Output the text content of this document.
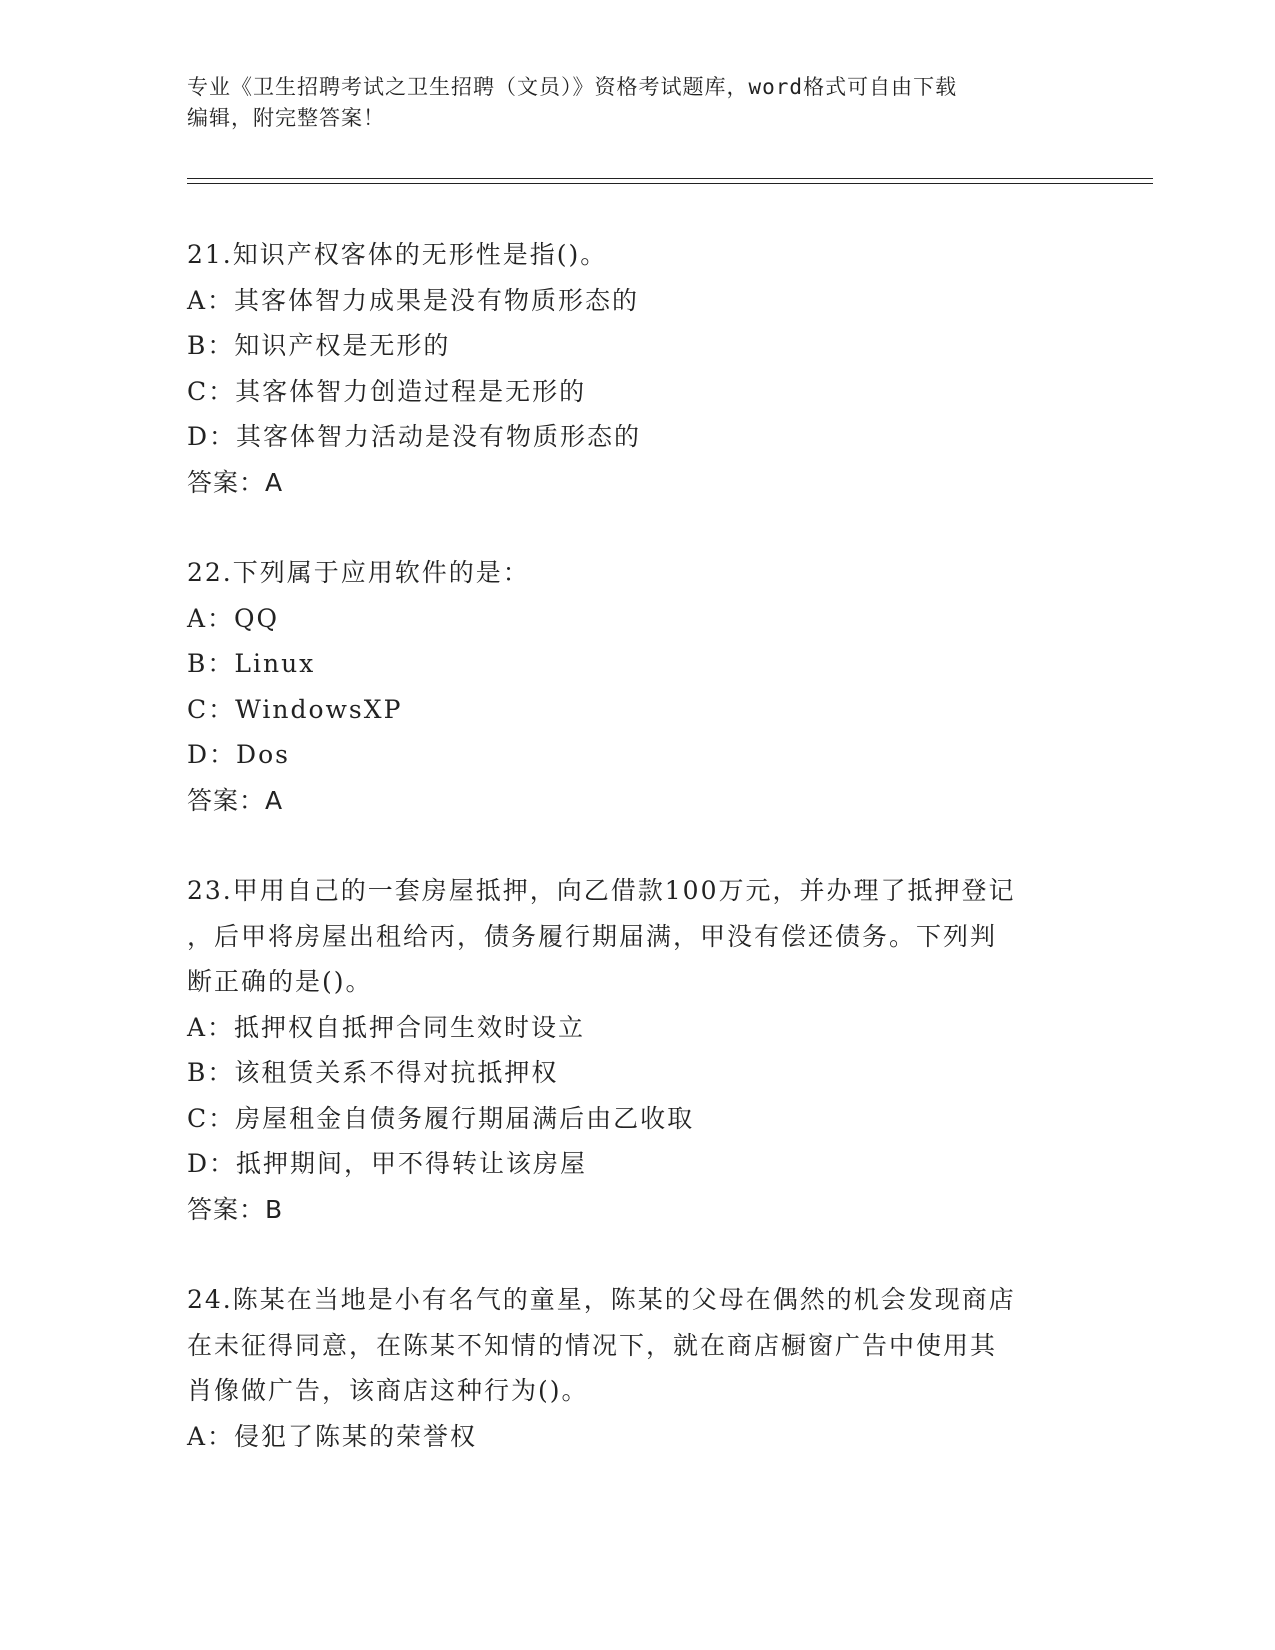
专业《卫生招聘考试之卫生招聘（文员）》资格考试题库，word格式可自由下载
编辑，附完整答案！
21.知识产权客体的无形性是指()。
A：其客体智力成果是没有物质形态的
B：知识产权是无形的
C：其客体智力创造过程是无形的
D：其客体智力活动是没有物质形态的
答案：A
22.下列属于应用软件的是：
A：QQ
B：Linux
C：WindowsXP
D：Dos
答案：A
23.甲用自己的一套房屋抵押，向乙借款100万元，并办理了抵押登记
，后甲将房屋出租给丙，债务履行期届满，甲没有偿还债务。下列判
断正确的是()。
A：抵押权自抵押合同生效时设立
B：该租赁关系不得对抗抵押权
C：房屋租金自债务履行期届满后由乙收取
D：抵押期间，甲不得转让该房屋
答案：B
24.陈某在当地是小有名气的童星，陈某的父母在偶然的机会发现商店
在未征得同意，在陈某不知情的情况下，就在商店橱窗广告中使用其
肖像做广告，该商店这种行为()。
A：侵犯了陈某的荣誉权
